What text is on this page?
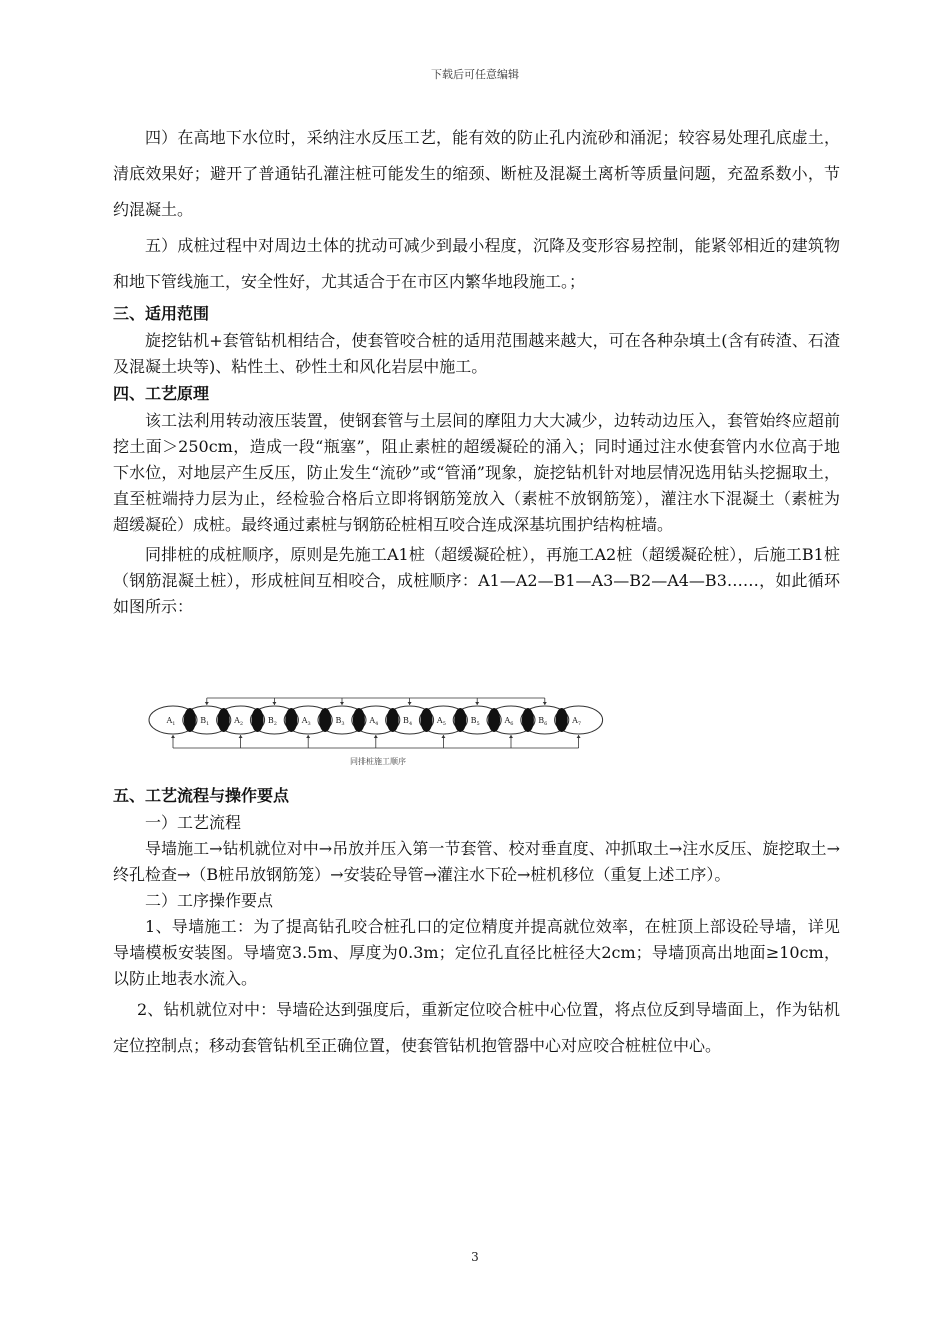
下载后可任意编辑

四）在高地下水位时，采纳注水反压工艺，能有效的防止孔内流砂和涌泥；较容易处理孔底虚土，清底效果好；避开了普通钻孔灌注桩可能发生的缩颈、断桩及混凝土离析等质量问题，充盈系数小，节约混凝土。

五）成桩过程中对周边土体的扰动可减少到最小程度，沉降及变形容易控制，能紧邻相近的建筑物和地下管线施工，安全性好，尤其适合于在市区内繁华地段施工。；

三、适用范围

旋挖钻机+套管钻机相结合，使套管咬合桩的适用范围越来越大，可在各种杂填土(含有砖渣、石渣及混凝土块等)、粘性土、砂性土和风化岩层中施工。

四、工艺原理

该工法利用转动液压装置，使钢套管与土层间的摩阻力大大减少，边转动边压入，套管始终应超前挖土面＞250cm，造成一段“瓶塞”，阻止素桩的超缓凝砼的涌入；同时通过注水使套管内水位高于地下水位，对地层产生反压，防止发生“流砂”或“管涌”现象，旋挖钻机针对地层情况选用钻头挖掘取土，直至桩端持力层为止，经检验合格后立即将钢筋笼放入（素桩不放钢筋笼），灌注水下混凝土（素桩为超缓凝砼）成桩。最终通过素桩与钢筋砼桩相互咬合连成深基坑围护结构桩墙。

同排桩的成桩顺序，原则是先施工A1桩（超缓凝砼桩），再施工A2桩（超缓凝砼桩），后施工B1桩（钢筋混凝土桩），形成桩间互相咬合，成桩顺序：A1—A2—B1—A3—B2—A4—B3……，如此循环如图所示：

$A_1$	$B_1$	$A_2$	$B_2$	$A_3$	$B_3$	$A_4$	$B_4$	$A_5$	$B_5$	$A_6$	$B_6$	$A_7$
同排桩施工顺序

五、工艺流程与操作要点

一）工艺流程

导墙施工→钻机就位对中→吊放并压入第一节套管、校对垂直度、冲抓取土→注水反压、旋挖取土→终孔检查→（B桩吊放钢筋笼）→安装砼导管→灌注水下砼→桩机移位（重复上述工序）。

二）工序操作要点

1、导墙施工：为了提高钻孔咬合桩孔口的定位精度并提高就位效率，在桩顶上部设砼导墙，详见导墙模板安装图。导墙宽3.5m、厚度为0.3m；定位孔直径比桩径大2cm；导墙顶高出地面≥10cm，以防止地表水流入。

2、钻机就位对中：导墙砼达到强度后，重新定位咬合桩中心位置，将点位反到导墙面上，作为钻机定位控制点；移动套管钻机至正确位置，使套管钻机抱管器中心对应咬合桩桩位中心。

3
